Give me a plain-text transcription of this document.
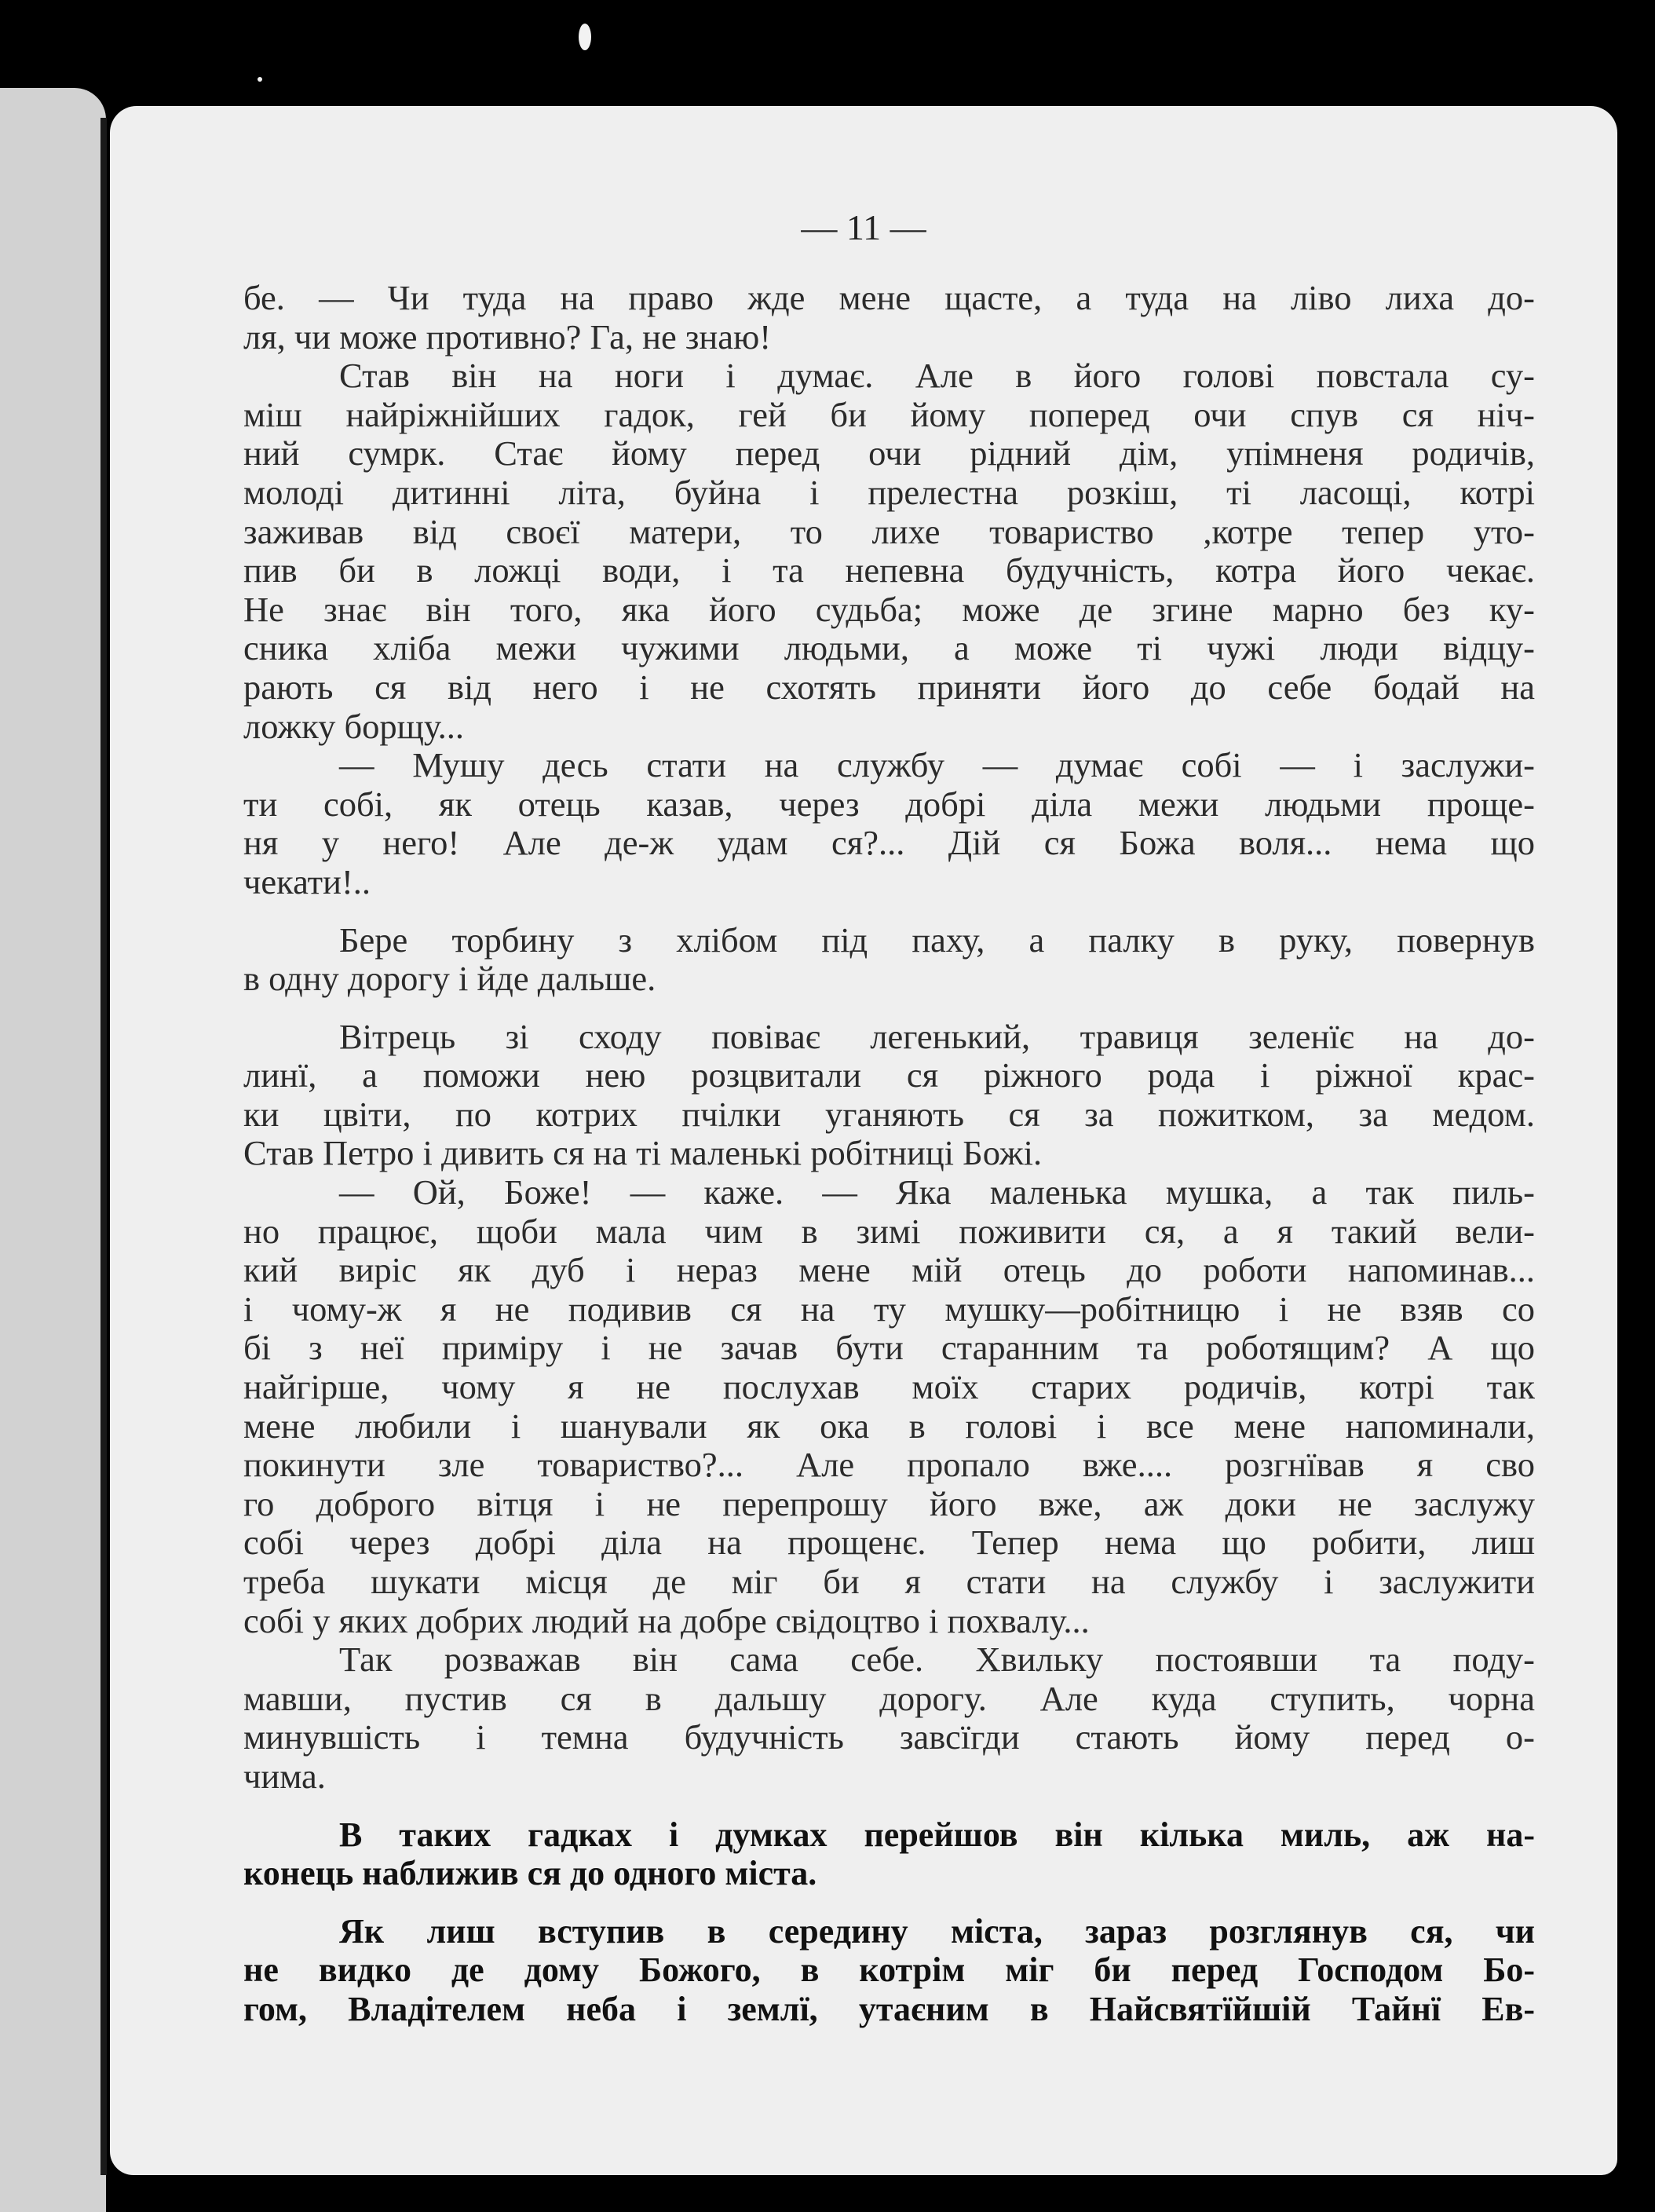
— 11 —
бе. — Чи туда на право жде мене щасте, а туда на ліво лиха до-
ля, чи може противно? Га, не знаю!
Став він на ноги і думає. Але в його голові повстала су-
міш найріжнійших гадок, гей би йому поперед очи спув ся ніч-
ний сумрк. Стає йому перед очи рідний дім, упімненя родичів,
молоді дитинні літа, буйна і прелестна розкіш, ті ласощі, котрі
заживав від своєї матери, то лихе товариство ,котре тепер уто-
пив би в ложці води, і та непевна будучність, котра його чекає.
Не знає він того, яка його судьба; може де згине марно без ку-
сника хліба межи чужими людьми, а може ті чужі люди відцу-
рають ся від него і не схотять приняти його до себе бодай на
ложку борщу...
— Мушу десь стати на службу — думає собі — і заслужи-
ти собі, як отець казав, через добрі діла межи людьми проще-
ня у него! Але де-ж удам ся?... Дій ся Божа воля... нема що
чекати!..
Бере торбину з хлібом під паху, а палку в руку, повернув
в одну дорогу і йде дальше.
Вітрець зі сходу повіває легенький, травиця зеленїє на до-
линї, а поможи нею розцвитали ся ріжного рода і ріжної крас-
ки цвіти, по котрих пчілки уганяють ся за пожитком, за медом.
Став Петро і дивить ся на ті маленькі робітниці Божі.
— Ой, Боже! — каже. — Яка маленька мушка, а так пиль-
но працює, щоби мала чим в зимі поживити ся, а я такий вели-
кий виріс як дуб і нераз мене мій отець до роботи напоминав...
і чому-ж я не подивив ся на ту мушку—робітницю і не взяв со
бі з неї приміру і не зачав бути старанним та роботящим? А що
найгірше, чому я не послухав моїх старих родичів, котрі так
мене любили і шанували як ока в голові і все мене напоминали,
покинути зле товариство?... Але пропало вже.... розгнївав я сво
го доброго вітця і не перепрошу його вже, аж доки не заслужу
собі через добрі діла на прощенє. Тепер нема що робити, лиш
треба шукати місця де міг би я стати на службу і заслужити
собі у яких добрих людий на добре свідоцтво і похвалу...
Так розважав він сама себе. Хвильку постоявши та поду-
мавши, пустив ся в дальшу дорогу. Але куда ступить, чорна
минувшість і темна будучність завсїгди стають йому перед о-
чима.
В таких гадках і думках перейшов він кілька миль, аж на-
конець наближив ся до одного міста.
Як лиш вступив в середину міста, зараз розглянув ся, чи
не видко де дому Божого, в котрім міг би перед Господом Бо-
гом, Владітелем неба і землї, утаєним в Найсвятїйшій Тайнї Ев-
